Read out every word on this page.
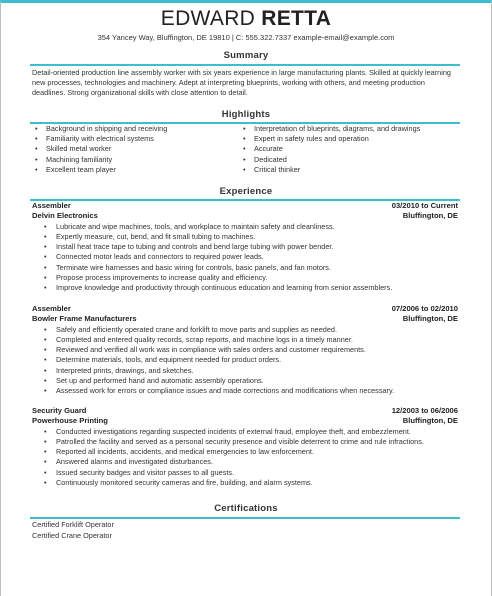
EDWARD RETTA
354 Yancey Way, Bluffington, DE 19810 | C: 555.322.7337 example-email@example.com
Summary
Detail-oriented production line assembly worker with six years experience in large manufacturing plants. Skilled at quickly learning new processes, technologies and machinery. Adept at interpreting blueprints, working with others, and meeting production deadlines. Strong organizational skills with close attention to detail.
Highlights
• Background in shipping and receiving
• Familiarity with electrical systems
• Skilled metal worker
• Machining familiarity
• Excellent team player
• Interpretation of blueprints, diagrams, and drawings
• Expert in safety rules and operation
• Accurate
• Dedicated
• Critical thinker
Experience
Assembler	03/2010 to Current
Delvin Electronics	Bluffington, DE
• Lubricate and wipe machines, tools, and workplace to maintain safety and cleanliness.
• Expertly measure, cut, bend, and fit small tubing to machines.
• Install heat trace tape to tubing and controls and bend large tubing with power bender.
• Connected motor leads and connectors to required power leads.
• Terminate wire harnesses and basic wiring for controls, basic panels, and fan motors.
• Propose process improvements to increase quality and efficiency.
• Improve knowledge and productivity through continuous education and learning from senior assemblers.
Assembler	07/2006 to 02/2010
Bowler Frame Manufacturers	Bluffington, DE
• Safely and efficiently operated crane and forklift to move parts and supplies as needed.
• Completed and entered quality records, scrap reports, and machine logs in a timely manner.
• Reviewed and verified all work was in compliance with sales orders and customer requirements.
• Determine materials, tools, and equipment needed for product orders.
• Interpreted prints, drawings, and sketches.
• Set up and performed hand and automatic assembly operations.
• Assessed work for errors or compliance issues and made corrections and modifications when necessary.
Security Guard	12/2003 to 06/2006
Powerhouse Printing	Bluffington, DE
• Conducted investigations regarding suspected incidents of external fraud, employee theft, and embezzlement.
• Patrolled the facility and served as a personal security presence and visible deterrent to crime and rule infractions.
• Reported all incidents, accidents, and medical emergencies to law enforcement.
• Answered alarms and investigated disturbances.
• Issued security badges and visitor passes to all guests.
• Continuously monitored security cameras and fire, building, and alarm systems.
Certifications
Certified Forklift Operator
Certified Crane Operator
